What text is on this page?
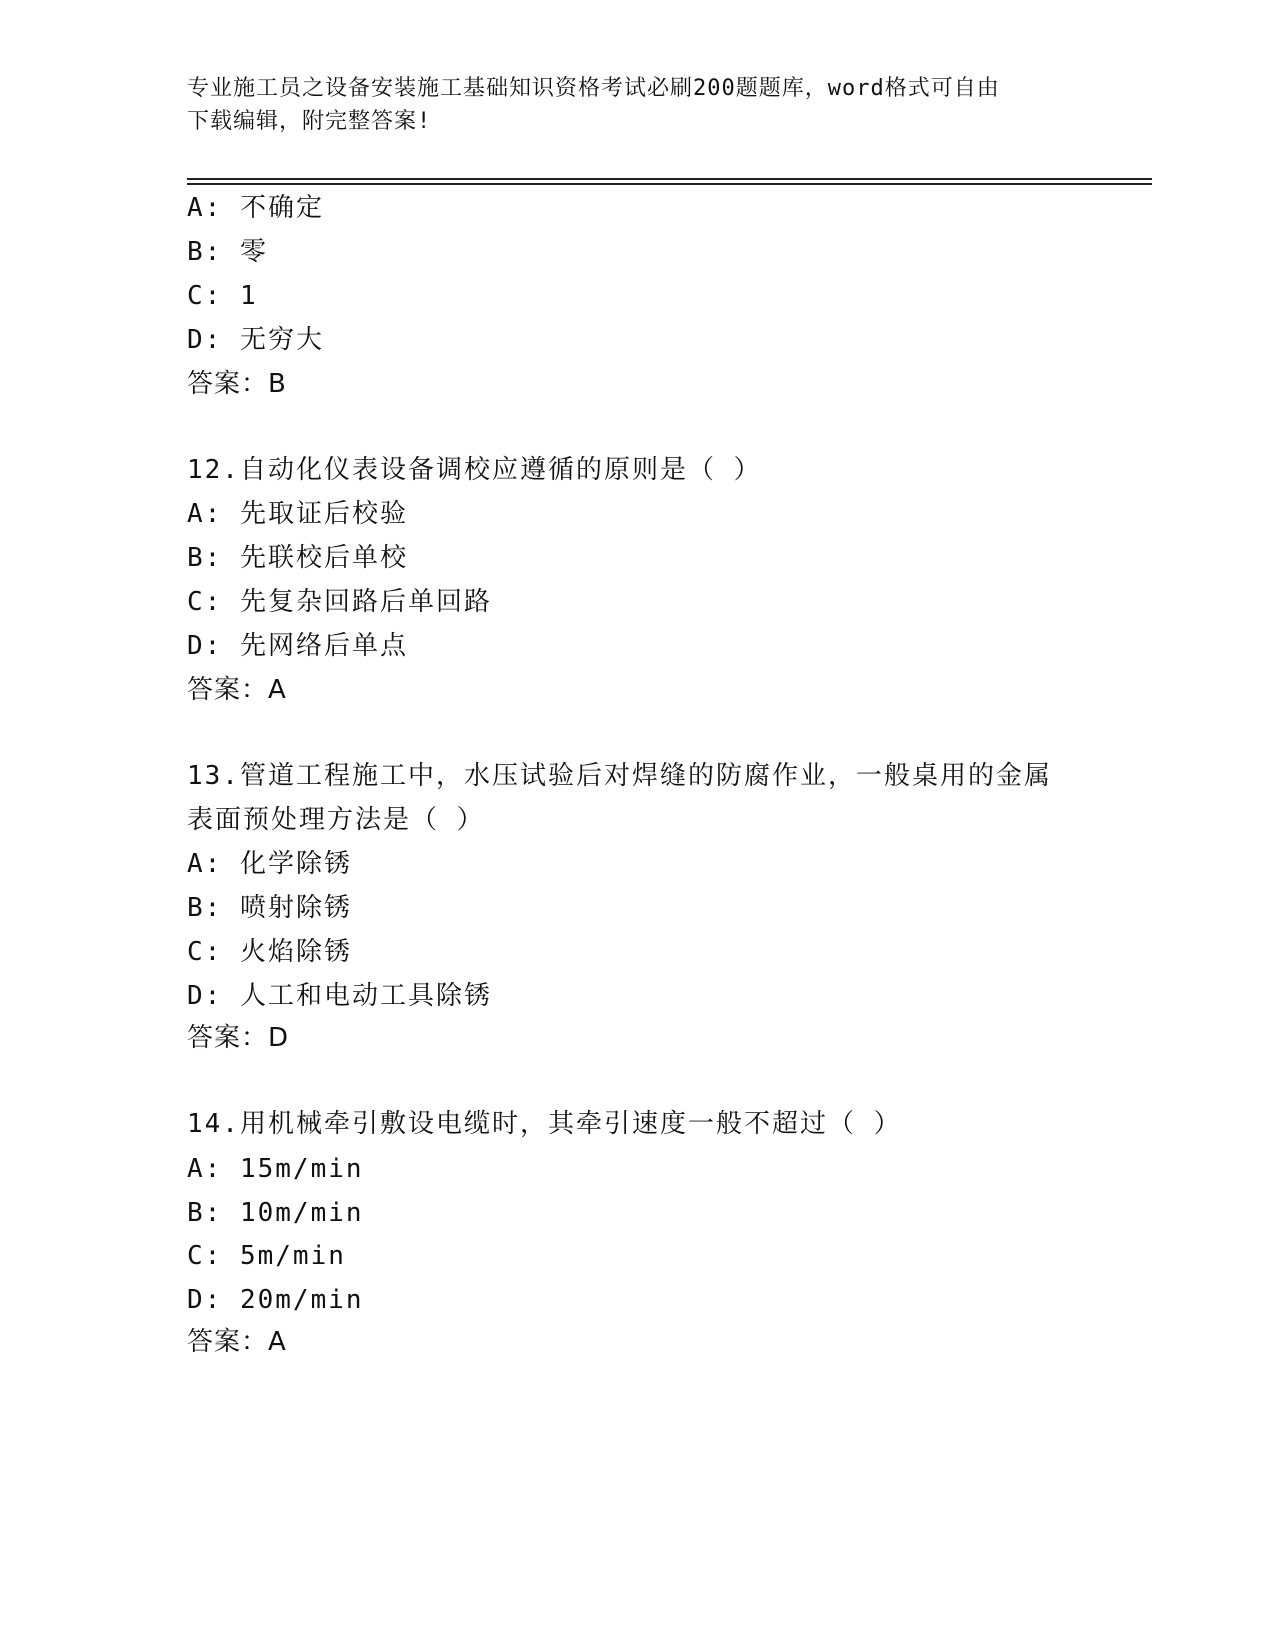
专业施工员之设备安装施工基础知识资格考试必刷200题题库，word格式可自由
下载编辑，附完整答案!
A: 不确定
B: 零
C: 1
D: 无穷大
答案：B
12.自动化仪表设备调校应遵循的原则是（ ）
A: 先取证后校验
B: 先联校后单校
C: 先复杂回路后单回路
D: 先网络后单点
答案：A
13.管道工程施工中，水压试验后对焊缝的防腐作业，一般桌用的金属
表面预处理方法是（ ）
A: 化学除锈
B: 喷射除锈
C: 火焰除锈
D: 人工和电动工具除锈
答案：D
14.用机械牵引敷设电缆时，其牵引速度一般不超过（ ）
A: 15m/min
B: 10m/min
C: 5m/min
D: 20m/min
答案：A
